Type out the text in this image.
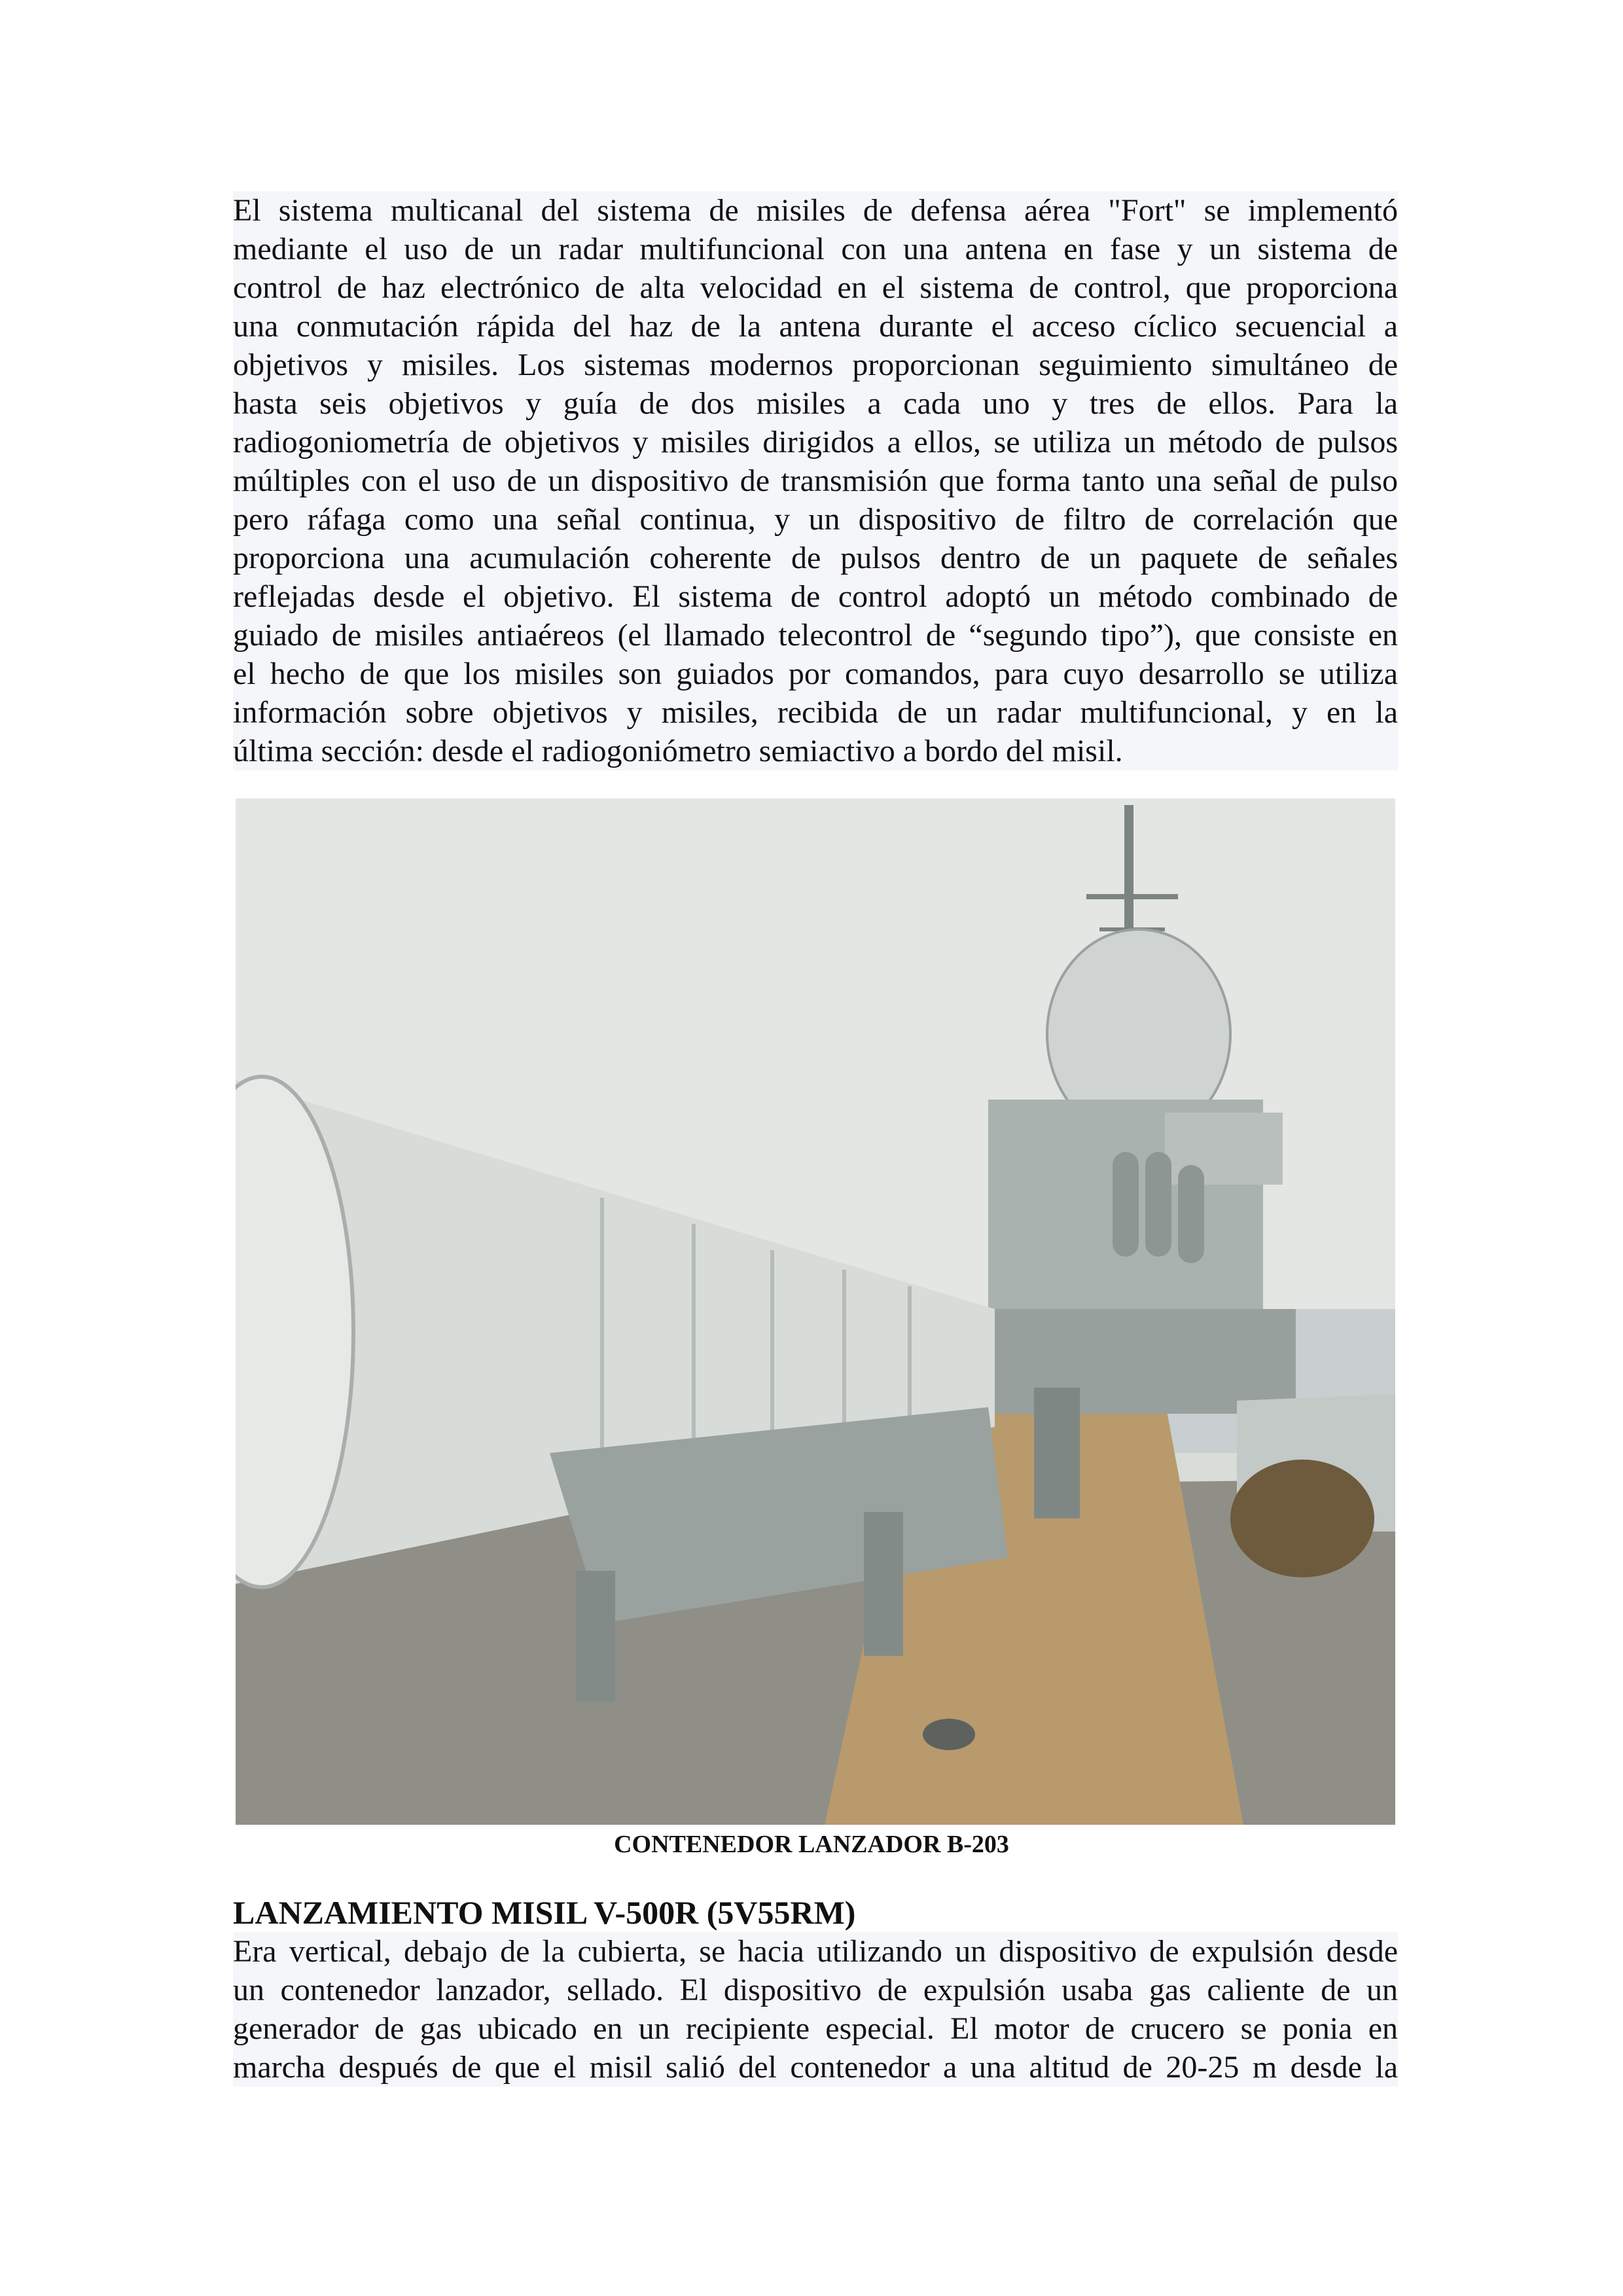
El sistema multicanal del sistema de misiles de defensa aérea "Fort" se implementó
mediante el uso de un radar multifuncional con una antena en fase y un sistema de
control de haz electrónico de alta velocidad en el sistema de control, que proporciona
una conmutación rápida del haz de la antena durante el acceso cíclico secuencial a
objetivos y misiles. Los sistemas modernos proporcionan seguimiento simultáneo de
hasta seis objetivos y guía de dos misiles a cada uno y tres de ellos. Para la
radiogoniometría de objetivos y misiles dirigidos a ellos, se utiliza un método de pulsos
múltiples con el uso de un dispositivo de transmisión que forma tanto una señal de pulso
pero ráfaga como una señal continua, y un dispositivo de filtro de correlación que
proporciona una acumulación coherente de pulsos dentro de un paquete de señales
reflejadas desde el objetivo. El sistema de control adoptó un método combinado de
guiado de misiles antiaéreos (el llamado telecontrol de “segundo tipo”), que consiste en
el hecho de que los misiles son guiados por comandos, para cuyo desarrollo se utiliza
información sobre objetivos y misiles, recibida de un radar multifuncional, y en la
última sección: desde el radiogoniómetro semiactivo a bordo del misil.
CONTENEDOR LANZADOR B-203
LANZAMIENTO MISIL V-500R (5V55RM)
Era vertical, debajo de la cubierta, se hacia utilizando un dispositivo de expulsión desde
un contenedor lanzador, sellado. El dispositivo de expulsión usaba gas caliente de un
generador de gas ubicado en un recipiente especial. El motor de crucero se ponia en
marcha después de que el misil salió del contenedor a una altitud de 20-25 m desde la
